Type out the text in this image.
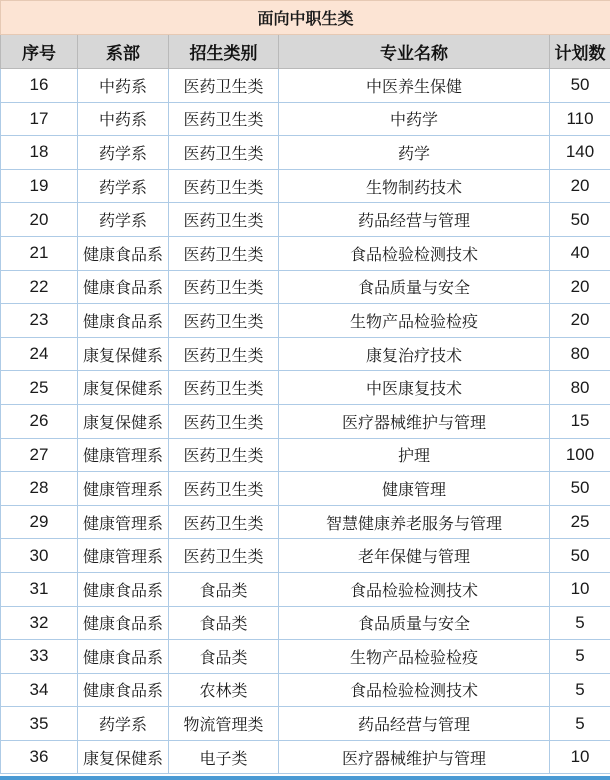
面向中职生类				
序号	系部	招生类别	专业名称	计划数
16	中药系	医药卫生类	中医养生保健	50
17	中药系	医药卫生类	中药学	110
18	药学系	医药卫生类	药学	140
19	药学系	医药卫生类	生物制药技术	20
20	药学系	医药卫生类	药品经营与管理	50
21	健康食品系	医药卫生类	食品检验检测技术	40
22	健康食品系	医药卫生类	食品质量与安全	20
23	健康食品系	医药卫生类	生物产品检验检疫	20
24	康复保健系	医药卫生类	康复治疗技术	80
25	康复保健系	医药卫生类	中医康复技术	80
26	康复保健系	医药卫生类	医疗器械维护与管理	15
27	健康管理系	医药卫生类	护理	100
28	健康管理系	医药卫生类	健康管理	50
29	健康管理系	医药卫生类	智慧健康养老服务与管理	25
30	健康管理系	医药卫生类	老年保健与管理	50
31	健康食品系	食品类	食品检验检测技术	10
32	健康食品系	食品类	食品质量与安全	5
33	健康食品系	食品类	生物产品检验检疫	5
34	健康食品系	农林类	食品检验检测技术	5
35	药学系	物流管理类	药品经营与管理	5
36	康复保健系	电子类	医疗器械维护与管理	10
